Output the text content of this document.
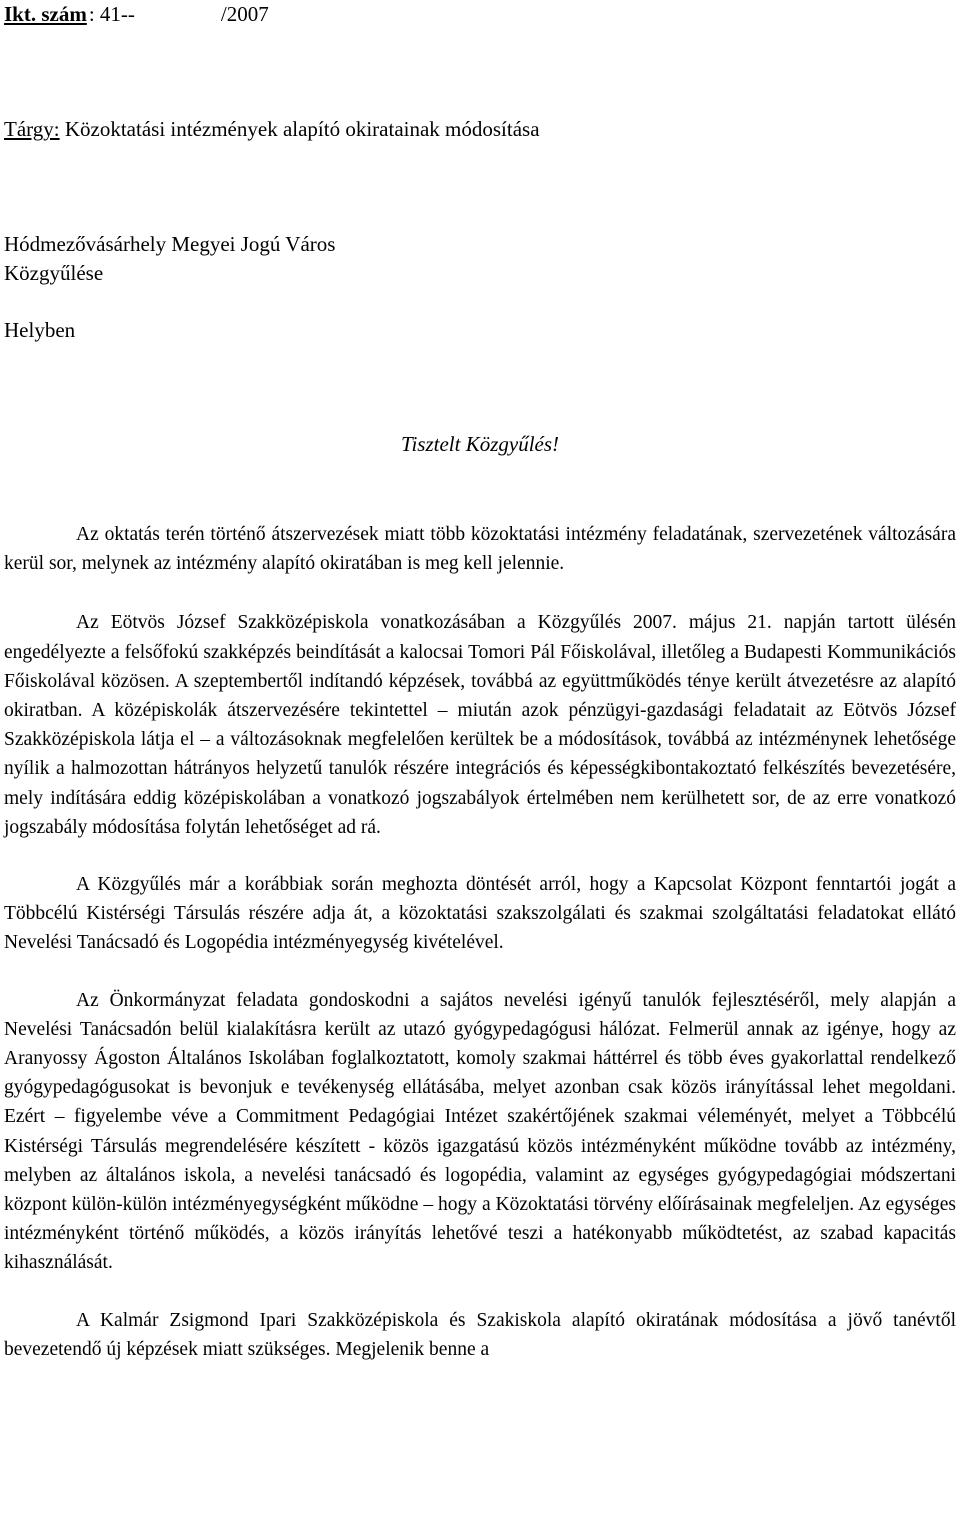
Ikt. szám: 41--	/2007
Tárgy: Közoktatási intézmények alapító okiratainak módosítása
Hódmezővásárhely Megyei Jogú Város
Közgyűlése
Helyben
Tisztelt Közgyűlés!

Az oktatás terén történő átszervezések miatt több közoktatási intézmény feladatának, szervezetének változására kerül sor, melynek az intézmény alapító okiratában is meg kell jelennie.

Az Eötvös József Szakközépiskola vonatkozásában a Közgyűlés 2007. május 21. napján tartott ülésén engedélyezte a felsőfokú szakképzés beindítását a kalocsai Tomori Pál Főiskolával, illetőleg a Budapesti Kommunikációs Főiskolával közösen. A szeptembertől indítandó képzések, továbbá az együttműködés ténye került átvezetésre az alapító okiratban. A középiskolák átszervezésére tekintettel – miután azok pénzügyi-gazdasági feladatait az Eötvös József Szakközépiskola látja el – a változásoknak megfelelően kerültek be a módosítások, továbbá az intézménynek lehetősége nyílik a halmozottan hátrányos helyzetű tanulók részére integrációs és képességkibontakoztató felkészítés bevezetésére, mely indítására eddig középiskolában a vonatkozó jogszabályok értelmében nem kerülhetett sor, de az erre vonatkozó jogszabály módosítása folytán lehetőséget ad rá.

A Közgyűlés már a korábbiak során meghozta döntését arról, hogy a Kapcsolat Központ fenntartói jogát a Többcélú Kistérségi Társulás részére adja át, a közoktatási szakszolgálati és szakmai szolgáltatási feladatokat ellátó Nevelési Tanácsadó és Logopédia intézményegység kivételével.

Az Önkormányzat feladata gondoskodni a sajátos nevelési igényű tanulók fejlesztéséről, mely alapján a Nevelési Tanácsadón belül kialakításra került az utazó gyógypedagógusi hálózat. Felmerül annak az igénye, hogy az Aranyossy Ágoston Általános Iskolában foglalkoztatott, komoly szakmai háttérrel és több éves gyakorlattal rendelkező gyógypedagógusokat is bevonjuk e tevékenység ellátásába, melyet azonban csak közös irányítással lehet megoldani. Ezért – figyelembe véve a Commitment Pedagógiai Intézet szakértőjének szakmai véleményét, melyet a Többcélú Kistérségi Társulás megrendelésére készített - közös igazgatású közös intézményként működne tovább az intézmény, melyben az általános iskola, a nevelési tanácsadó és logopédia, valamint az egységes gyógypedagógiai módszertani központ külön-külön intézményegységként működne – hogy a Közoktatási törvény előírásainak megfeleljen. Az egységes intézményként történő működés, a közös irányítás lehetővé teszi a hatékonyabb működtetést, az szabad kapacitás kihasználását.

A Kalmár Zsigmond Ipari Szakközépiskola és Szakiskola alapító okiratának módosítása a jövő tanévtől bevezetendő új képzések miatt szükséges. Megjelenik benne a
